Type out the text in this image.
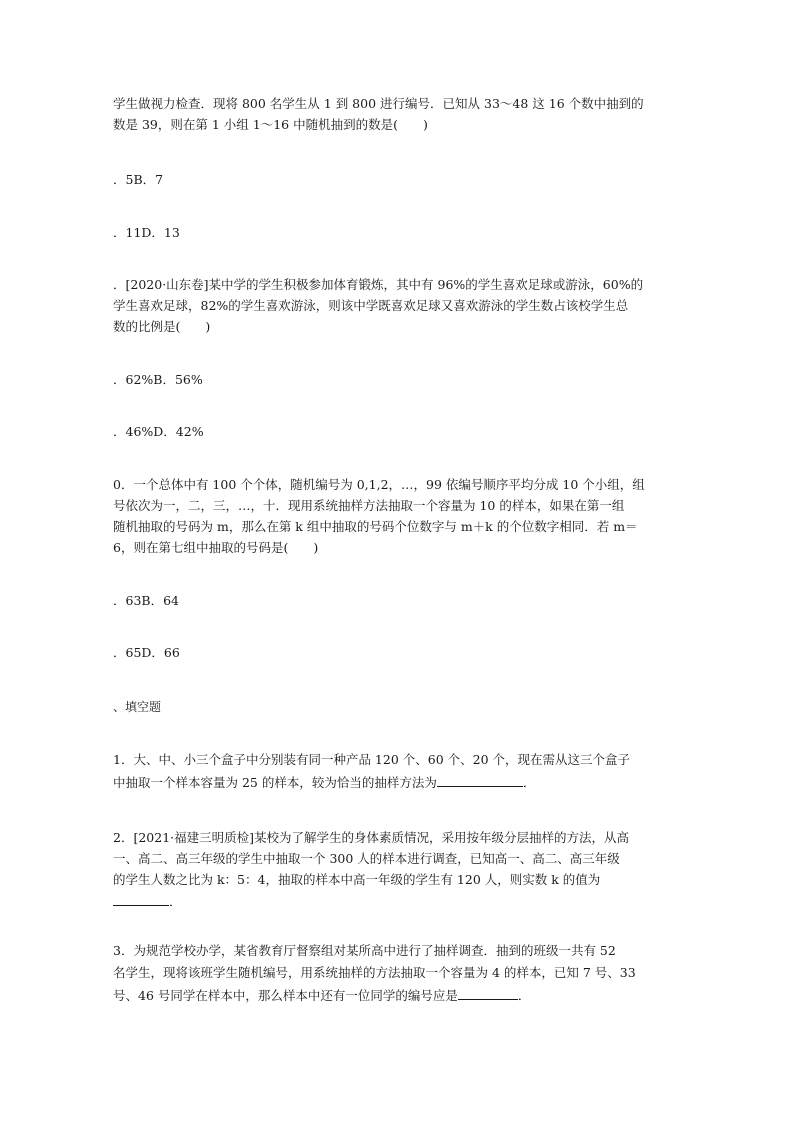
学生做视力检查．现将 800 名学生从 1 到 800 进行编号．已知从 33～48 这 16 个数中抽到的
数是 39，则在第 1 小组 1～16 中随机抽到的数是(　　)
．5B．7
．11D．13
．[2020·山东卷]某中学的学生积极参加体育锻炼，其中有 96%的学生喜欢足球或游泳，60%的
学生喜欢足球，82%的学生喜欢游泳，则该中学既喜欢足球又喜欢游泳的学生数占该校学生总
数的比例是(　　)
．62%B．56%
．46%D．42%
0．一个总体中有 100 个个体，随机编号为 0,1,2，…，99 依编号顺序平均分成 10 个小组，组
号依次为一，二，三，…，十．现用系统抽样方法抽取一个容量为 10 的样本，如果在第一组
随机抽取的号码为 m，那么在第 k 组中抽取的号码个位数字与 m＋k 的个位数字相同．若 m＝
6，则在第七组中抽取的号码是(　　)
．63B．64
．65D．66
、填空题
1．大、中、小三个盒子中分别装有同一种产品 120 个、60 个、20 个，现在需从这三个盒子
中抽取一个样本容量为 25 的样本，较为恰当的抽样方法为	．
2．[2021·福建三明质检]某校为了解学生的身体素质情况，采用按年级分层抽样的方法，从高
一、高二、高三年级的学生中抽取一个 300 人的样本进行调查，已知高一、高二、高三年级
的学生人数之比为 k：5：4，抽取的样本中高一年级的学生有 120 人，则实数 k 的值为
．
3．为规范学校办学，某省教育厅督察组对某所高中进行了抽样调查．抽到的班级一共有 52
名学生，现将该班学生随机编号，用系统抽样的方法抽取一个容量为 4 的样本，已知 7 号、33
号、46 号同学在样本中，那么样本中还有一位同学的编号应是	．
